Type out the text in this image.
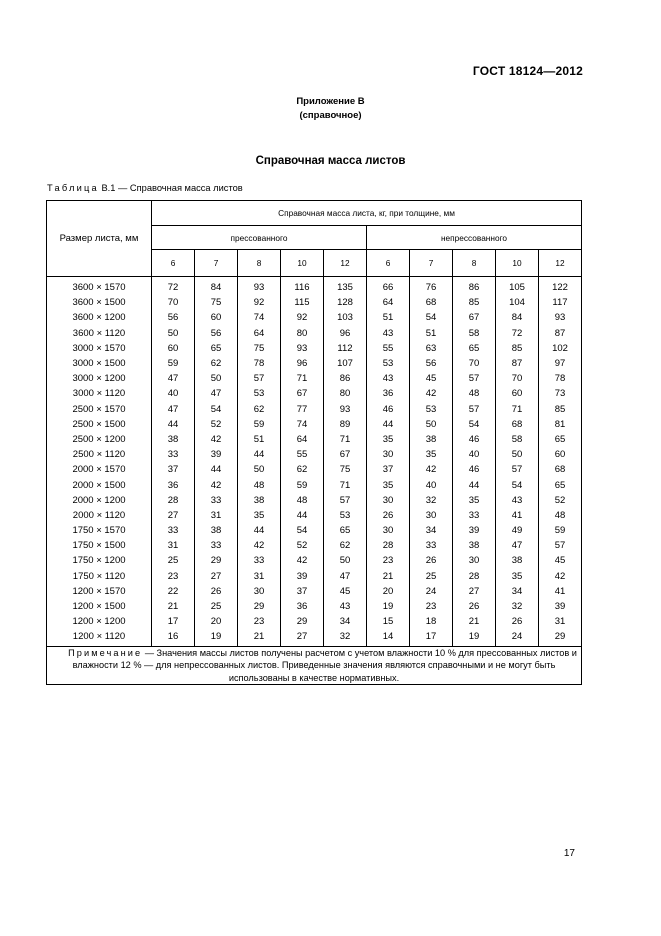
ГОСТ 18124—2012
Приложение В
(справочное)
Справочная масса листов
Таблица В.1 — Справочная масса листов
Размер листа, мм	Справочная масса листа, кг, при толщине, мм									
	прессованного					непрессованного				
	6	7	8	10	12	6	7	8	10	12
3600 × 1570	72	84	93	116	135	66	76	86	105	122
3600 × 1500	70	75	92	115	128	64	68	85	104	117
3600 × 1200	56	60	74	92	103	51	54	67	84	93
3600 × 1120	50	56	64	80	96	43	51	58	72	87
3000 × 1570	60	65	75	93	112	55	63	65	85	102
3000 × 1500	59	62	78	96	107	53	56	70	87	97
3000 × 1200	47	50	57	71	86	43	45	57	70	78
3000 × 1120	40	47	53	67	80	36	42	48	60	73
2500 × 1570	47	54	62	77	93	46	53	57	71	85
2500 × 1500	44	52	59	74	89	44	50	54	68	81
2500 × 1200	38	42	51	64	71	35	38	46	58	65
2500 × 1120	33	39	44	55	67	30	35	40	50	60
2000 × 1570	37	44	50	62	75	37	42	46	57	68
2000 × 1500	36	42	48	59	71	35	40	44	54	65
2000 × 1200	28	33	38	48	57	30	32	35	43	52
2000 × 1120	27	31	35	44	53	26	30	33	41	48
1750 × 1570	33	38	44	54	65	30	34	39	49	59
1750 × 1500	31	33	42	52	62	28	33	38	47	57
1750 × 1200	25	29	33	42	50	23	26	30	38	45
1750 × 1120	23	27	31	39	47	21	25	28	35	42
1200 × 1570	22	26	30	37	45	20	24	27	34	41
1200 × 1500	21	25	29	36	43	19	23	26	32	39
1200 × 1200	17	20	23	29	34	15	18	21	26	31
1200 × 1120	16	19	21	27	32	14	17	19	24	29
Примечание — Значения массы листов получены расчетом с учетом влажности 10 % для прессованных листов и влажности 12 % — для непрессованных листов. Приведенные значения являются справочными и не могут быть использованы в качестве нормативных.										
17
